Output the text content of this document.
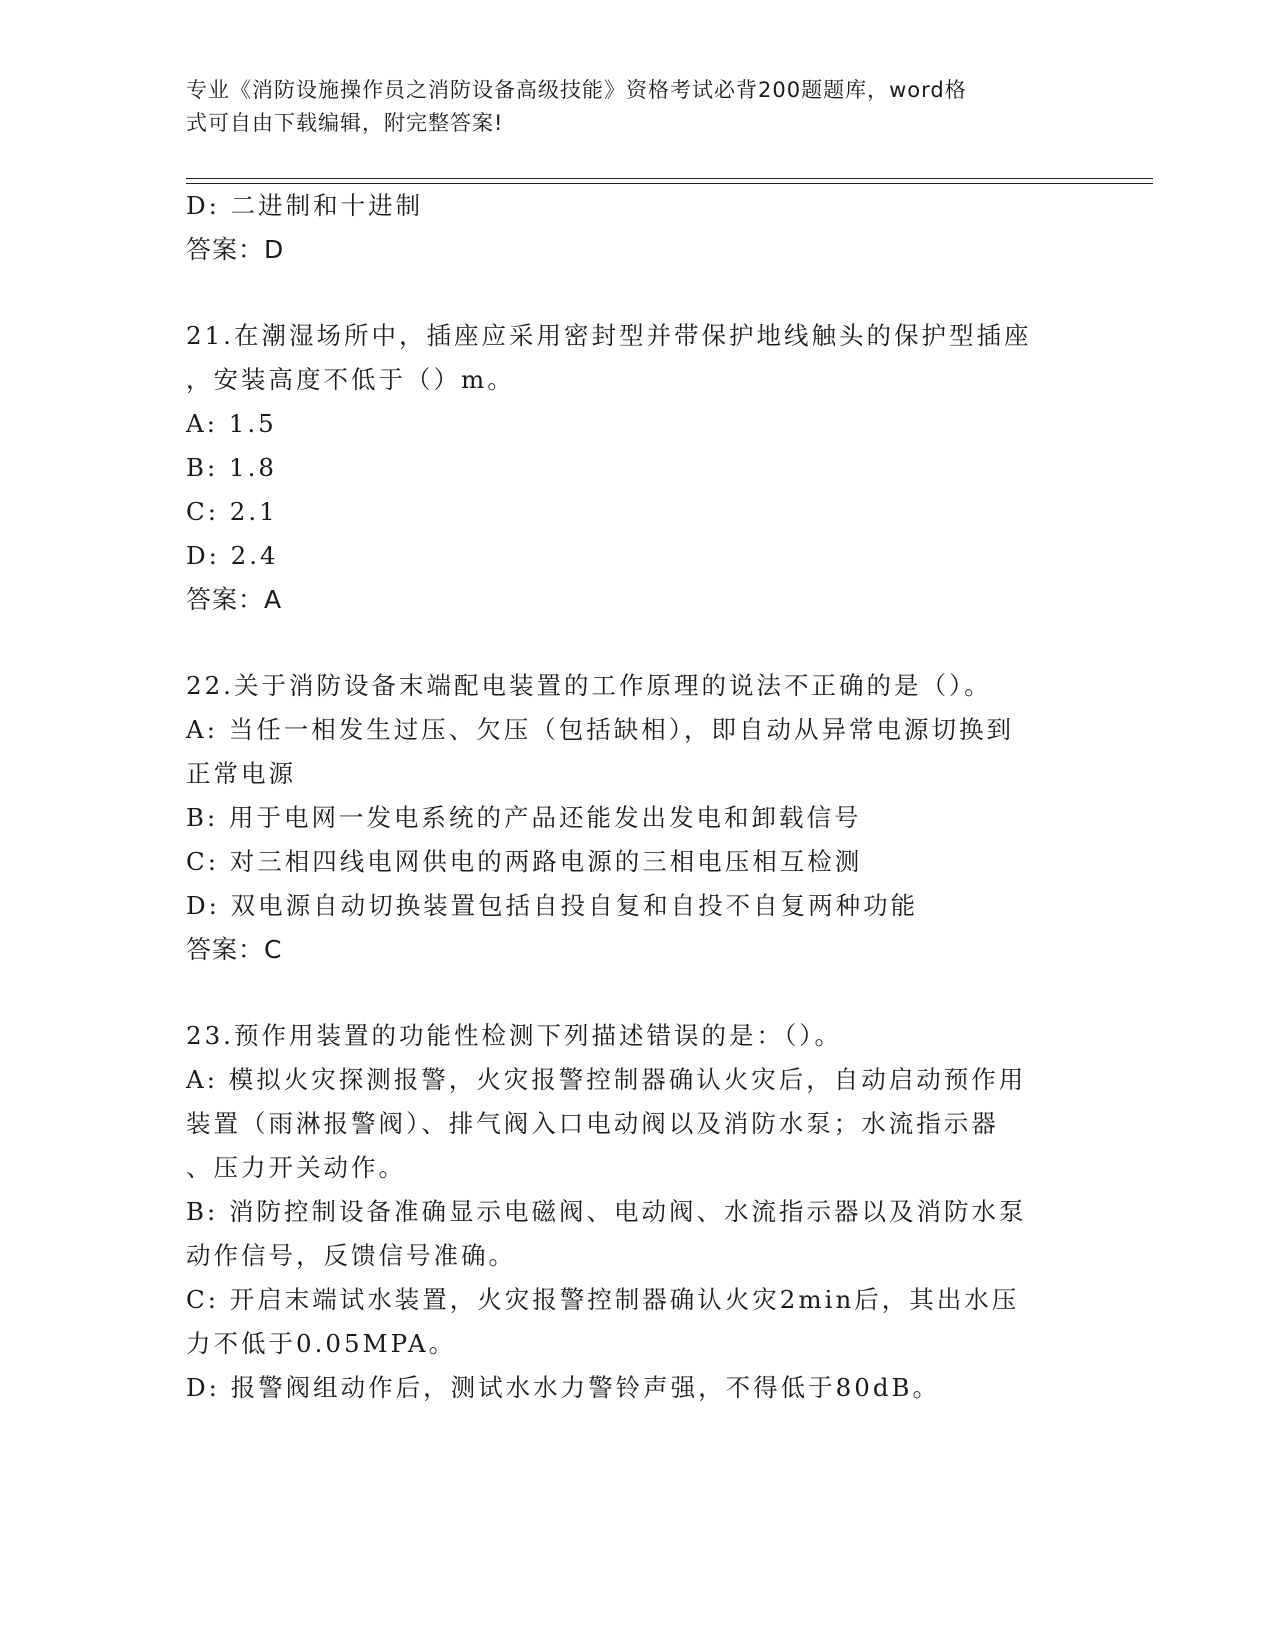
专业《消防设施操作员之消防设备高级技能》资格考试必背200题题库，word格
式可自由下载编辑，附完整答案!
D: 二进制和十进制
答案：D
21.在潮湿场所中，插座应采用密封型并带保护地线触头的保护型插座
，安装高度不低于（）m。
A: 1.5
B: 1.8
C: 2.1
D: 2.4
答案：A
22.关于消防设备末端配电装置的工作原理的说法不正确的是（）。
A: 当任一相发生过压、欠压（包括缺相），即自动从异常电源切换到
正常电源
B: 用于电网一发电系统的产品还能发出发电和卸载信号
C: 对三相四线电网供电的两路电源的三相电压相互检测
D: 双电源自动切换装置包括自投自复和自投不自复两种功能
答案：C
23.预作用装置的功能性检测下列描述错误的是：（）。
A: 模拟火灾探测报警，火灾报警控制器确认火灾后，自动启动预作用
装置（雨淋报警阀）、排气阀入口电动阀以及消防水泵；水流指示器
、压力开关动作。
B: 消防控制设备准确显示电磁阀、电动阀、水流指示器以及消防水泵
动作信号，反馈信号准确。
C: 开启末端试水装置，火灾报警控制器确认火灾2min后，其出水压
力不低于0.05MPA。
D: 报警阀组动作后，测试水水力警铃声强，不得低于80dB。
